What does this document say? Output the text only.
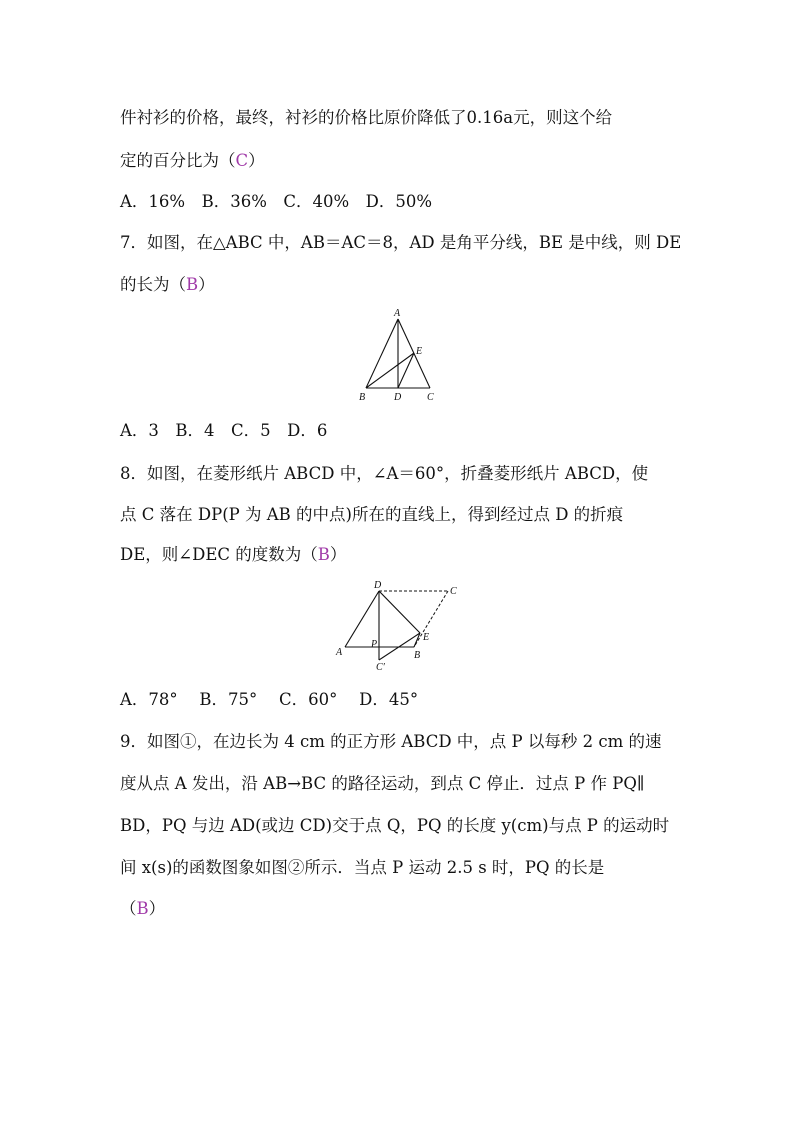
件衬衫的价格，最终，衬衫的价格比原价降低了0.16a元，则这个给
定的百分比为（C）
A．16%　B．36%　C．40%　D．50%
7．如图，在△ABC 中，AB＝AC＝8，AD 是角平分线，BE 是中线，则 DE
的长为（B）
A
B	D	C
E
A．3　B．4　C．5　D．6
8．如图，在菱形纸片 ABCD 中，∠A＝60°，折叠菱形纸片 ABCD，使
点 C 落在 DP(P 为 AB 的中点)所在的直线上，得到经过点 D 的折痕
DE，则∠DEC 的度数为（B）
D
C
E
P
A	B
C′
A．78°　 B．75°　 C．60°　 D．45°
9．如图①，在边长为 4 cm 的正方形 ABCD 中，点 P 以每秒 2 cm 的速
度从点 A 发出，沿 AB→BC 的路径运动，到点 C 停止．过点 P 作 PQ∥
BD，PQ 与边 AD(或边 CD)交于点 Q，PQ 的长度 y(cm)与点 P 的运动时
间 x(s)的函数图象如图②所示．当点 P 运动 2.5 s 时，PQ 的长是
（B）
